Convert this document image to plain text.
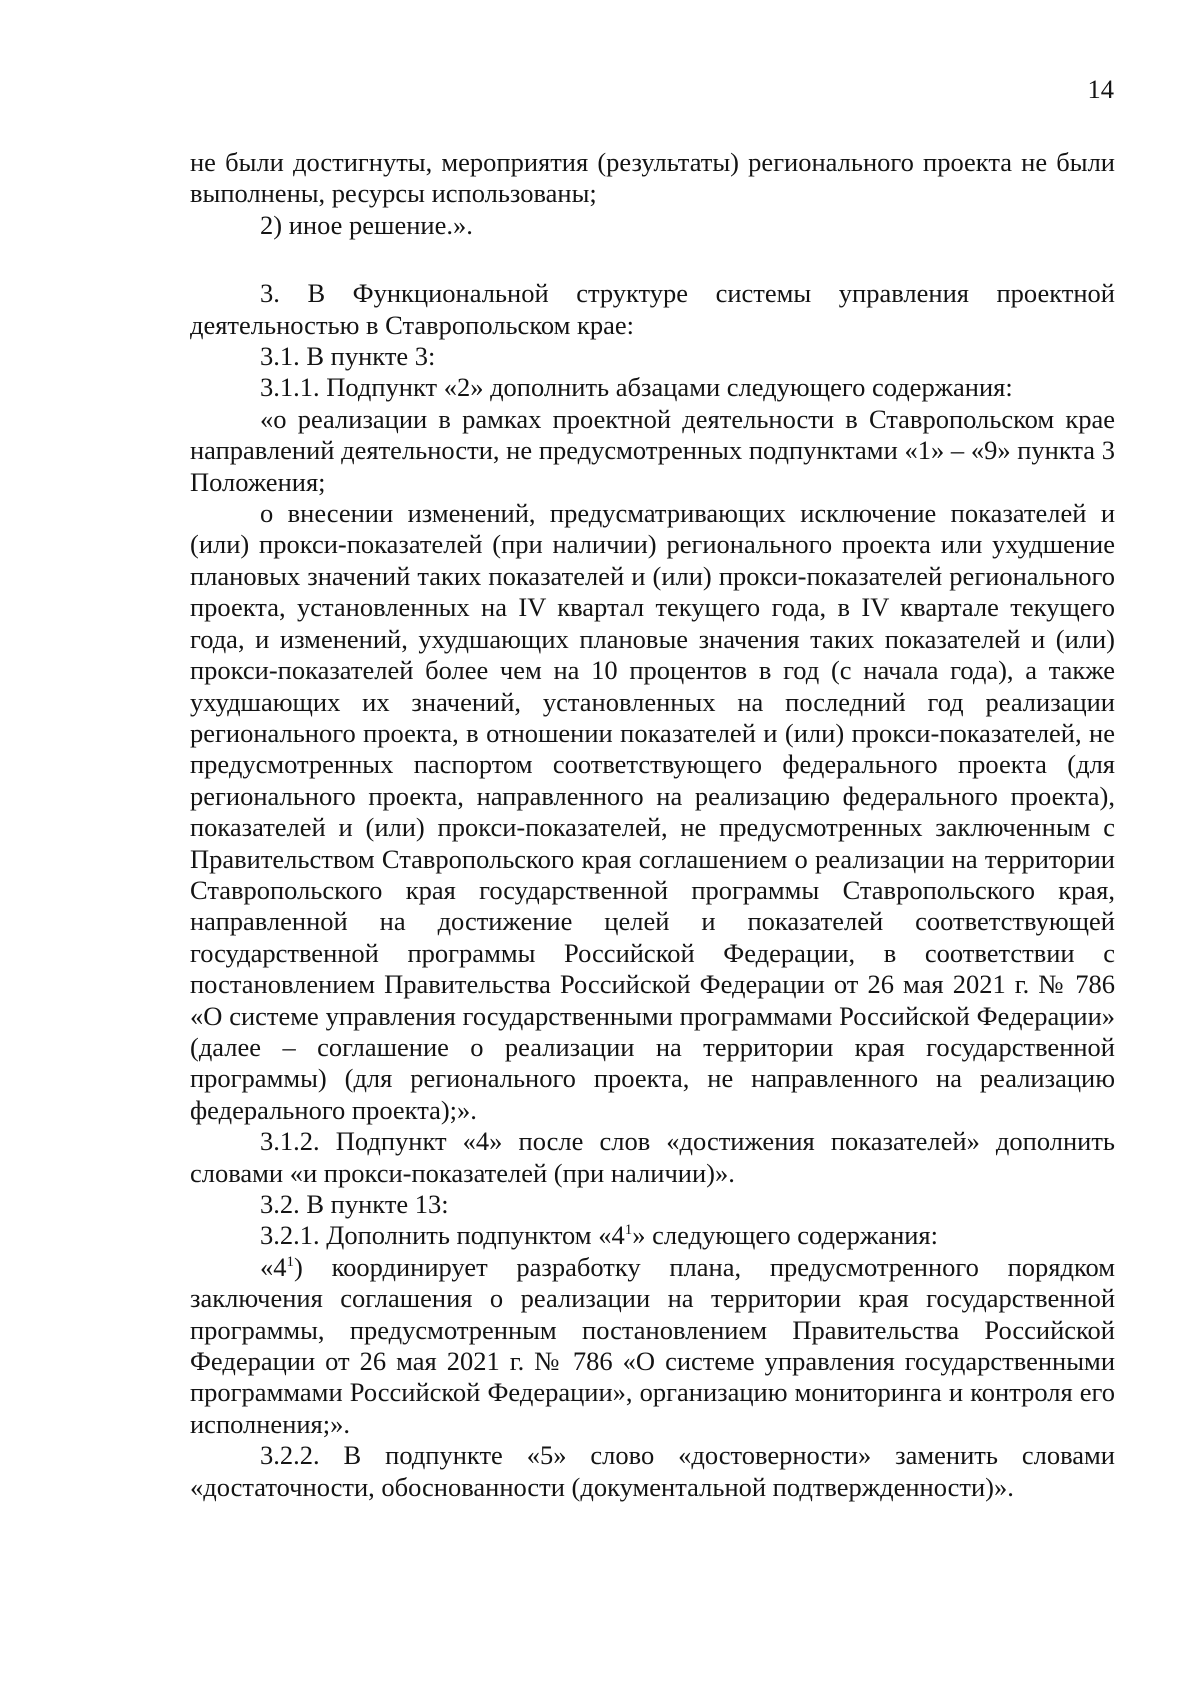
14

не были достигнуты, мероприятия (результаты) регионального проекта не были выполнены, ресурсы использованы;

2) иное решение.».

3. В Функциональной структуре системы управления проектной деятельностью в Ставропольском крае:

3.1. В пункте 3:

3.1.1. Подпункт «2» дополнить абзацами следующего содержания:

«о реализации в рамках проектной деятельности в Ставропольском крае направлений деятельности, не предусмотренных подпунктами «1» – «9» пункта 3 Положения;

о внесении изменений, предусматривающих исключение показателей и (или) прокси-показателей (при наличии) регионального проекта или ухудшение плановых значений таких показателей и (или) прокси-показателей регионального проекта, установленных на IV квартал текущего года, в IV квартале текущего года, и изменений, ухудшающих плановые значения таких показателей и (или) прокси-показателей более чем на 10 процентов в год (с начала года), а также ухудшающих их значений, установленных на последний год реализации регионального проекта, в отношении показателей и (или) прокси-показателей, не предусмотренных паспортом соответствующего федерального проекта (для регионального проекта, направленного на реализацию федерального проекта), показателей и (или) прокси-показателей, не предусмотренных заключенным с Правительством Ставропольского края соглашением о реализации на территории Ставропольского края государственной программы Ставропольского края, направленной на достижение целей и показателей соответствующей государственной программы Российской Федерации, в соответствии с постановлением Правительства Российской Федерации от 26 мая 2021 г. № 786 «О системе управления государственными программами Российской Федерации» (далее – соглашение о реализации на территории края государственной программы) (для регионального проекта, не направленного на реализацию федерального проекта);».

3.1.2. Подпункт «4» после слов «достижения показателей» дополнить словами «и прокси-показателей (при наличии)».

3.2. В пункте 13:

3.2.1. Дополнить подпунктом «$4^1$» следующего содержания:

«$4^1$) координирует разработку плана, предусмотренного порядком заключения соглашения о реализации на территории края государственной программы, предусмотренным постановлением Правительства Российской Федерации от 26 мая 2021 г. № 786 «О системе управления государственными программами Российской Федерации», организацию мониторинга и контроля его исполнения;».

3.2.2. В подпункте «5» слово «достоверности» заменить словами «достаточности, обоснованности (документальной подтвержденности)».
